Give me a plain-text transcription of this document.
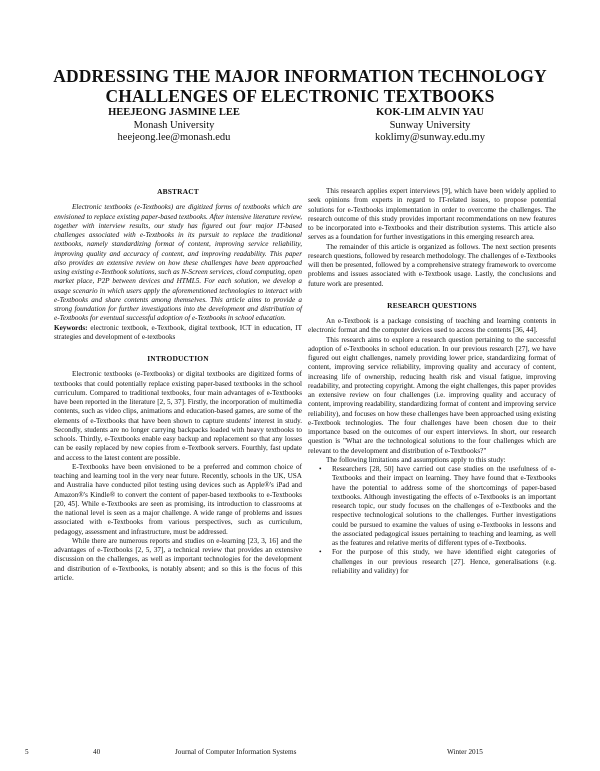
ADDRESSING THE MAJOR INFORMATION TECHNOLOGY
CHALLENGES OF ELECTRONIC TEXTBOOKS
HEEJEONG JASMINE LEE
Monash University
heejeong.lee@monash.edu
KOK-LIM ALVIN YAU
Sunway University
koklimy@sunway.edu.my
ABSTRACT

Electronic textbooks (e-Textbooks) are digitized forms of textbooks which are envisioned to replace existing paper-based textbooks. After intensive literature review, together with interview results, our study has figured out four major IT-based challenges associated with e-Textbooks in its pursuit to replace the traditional textbooks, namely standardizing format of content, improving service reliability, improving quality and accuracy of content, and improving readability. This paper also provides an extensive review on how these challenges have been approached using existing e-Textbook solutions, such as N-Screen services, cloud computing, open market place, P2P between devices and HTML5. For each solution, we develop a usage scenario in which users apply the aforementioned technologies to interact with e-Textbooks and share contents among themselves. This article aims to provide a strong foundation for further investigations into the development and distribution of e-Textbooks for eventual successful adoption of e-Textbooks in school education.

Keywords: electronic textbook, e-Textbook, digital textbook, ICT in education, IT strategies and development of e-textbooks

INTRODUCTION

Electronic textbooks (e-Textbooks) or digital textbooks are digitized forms of textbooks that could potentially replace existing paper-based textbooks in the school curriculum. Compared to traditional textbooks, four main advantages of e-Textbooks have been reported in the literature [2, 5, 37]. Firstly, the incorporation of multimedia contents, such as video clips, animations and education-based games, are some of the elements of e-Textbooks that have been shown to capture students' interest in study. Secondly, students are no longer carrying backpacks loaded with heavy textbooks to schools. Thirdly, e-Textbooks enable easy backup and replacement so that any losses can be easily replaced by new copies from e-Textbook servers. Fourthly, fast update and access to the latest content are possible.

E-Textbooks have been envisioned to be a preferred and common choice of teaching and learning tool in the very near future. Recently, schools in the UK, USA and Australia have conducted pilot testing using devices such as Apple®'s iPad and Amazon®'s Kindle® to convert the content of paper-based textbooks to e-Textbooks [20, 45]. While e-Textbooks are seen as promising, its introduction to classrooms at the national level is seen as a major challenge. A wide range of problems and issues associated with e-Textbooks from various perspectives, such as curriculum, pedagogy, assessment and infrastructure, must be addressed.

While there are numerous reports and studies on e-learning [23, 3, 16] and the advantages of e-Textbooks [2, 5, 37], a technical review that provides an extensive discussion on the challenges, as well as important technologies for the development and distribution of e-Textbooks, is notably absent; and so this is the focus of this article.

This research applies expert interviews [9], which have been widely applied to seek opinions from experts in regard to IT-related issues, to propose potential solutions for e-Textbooks implementation in order to overcome the challenges. The research outcome of this study provides important recommendations on new features to be incorporated into e-Textbooks and their distribution systems. This article also serves as a foundation for further investigations in this emerging research area.

The remainder of this article is organized as follows. The next section presents research questions, followed by research methodology. The challenges of e-Textbooks will then be presented, followed by a comprehensive strategy framework to overcome problems and issues associated with e-Textbook usage. Lastly, the conclusions and future work are presented.

RESEARCH QUESTIONS

An e-Textbook is a package consisting of teaching and learning contents in electronic format and the computer devices used to access the contents [36, 44].

This research aims to explore a research question pertaining to the successful adoption of e-Textbooks in school education. In our previous research [27], we have figured out eight challenges, namely providing lower price, standardizing format of content, improving service reliability, improving quality and accuracy of content, increasing life of ownership, reducing health risk and visual fatigue, improving readability, and protecting copyright. Among the eight challenges, this paper provides an extensive review on four challenges (i.e. improving quality and accuracy of content, improving readability, standardizing format of content and improving service reliability), and focuses on how these challenges have been approached using existing e-Textbook technologies. The four challenges have been chosen due to their importance based on the outcomes of our expert interviews. In short, our research question is "What are the technological solutions to the four challenges which are relevant to the development and distribution of e-Textbooks?"

The following limitations and assumptions apply to this study:

• Researchers [28, 50] have carried out case studies on the usefulness of e-Textbooks and their impact on learning. They have found that e-Textbooks have the potential to address some of the shortcomings of paper-based textbooks. Although investigating the effects of e-Textbooks is an important research topic, our study focuses on the challenges of e-Textbooks and the respective technological solutions to the challenges. Further investigations could be pursued to examine the values of using e-Textbooks in lessons and the associated pedagogical issues pertaining to teaching and learning, as well as the features and relative merits of different types of e-Textbooks.
• For the purpose of this study, we have identified eight categories of challenges in our previous research [27]. Hence, generalisations (e.g. reliability and validity) for
5	40	Journal of Computer Information Systems	Winter 2015
